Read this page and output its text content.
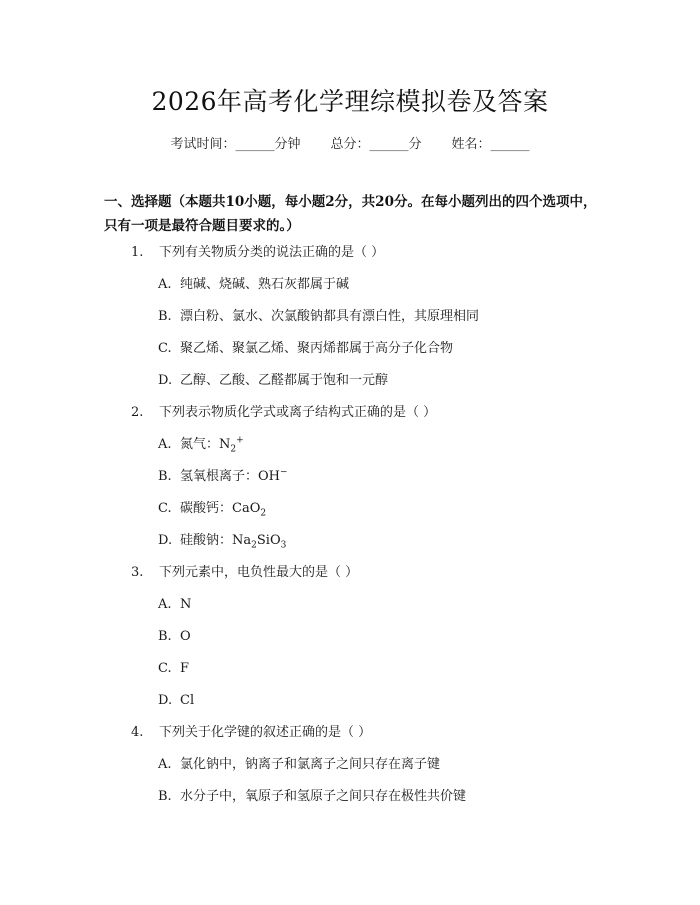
2026年高考化学理综模拟卷及答案
考试时间：______分钟 总分：______分 姓名：______
一、选择题（本题共10小题，每小题2分，共20分。在每小题列出的四个选项中，只有一项是最符合题目要求的。）
1. 下列有关物质分类的说法正确的是（ ）
A. 纯碱、烧碱、熟石灰都属于碱
B. 漂白粉、氯水、次氯酸钠都具有漂白性，其原理相同
C. 聚乙烯、聚氯乙烯、聚丙烯都属于高分子化合物
D. 乙醇、乙酸、乙醛都属于饱和一元醇
2. 下列表示物质化学式或离子结构式正确的是（ ）
A. 氮气：$N_2^+$
B. 氢氧根离子：OH−
C. 碳酸钙：CaO$_2$
D. 硅酸钠：$Na_2SiO_3$
3. 下列元素中，电负性最大的是（ ）
A. N
B. O
C. F
D. Cl
4. 下列关于化学键的叙述正确的是（ ）
A. 氯化钠中，钠离子和氯离子之间只存在离子键
B. 水分子中，氧原子和氢原子之间只存在极性共价键
